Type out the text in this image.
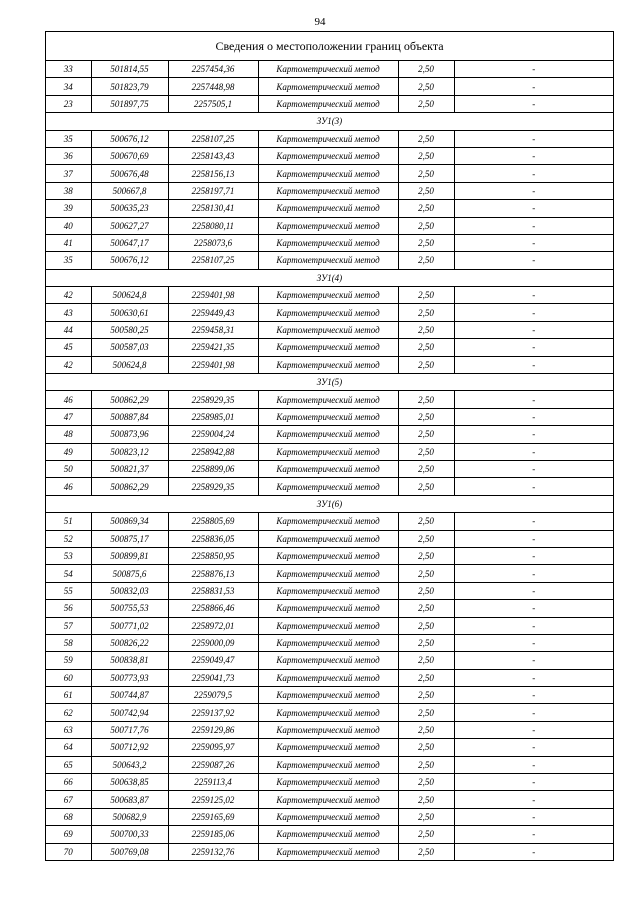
94
Сведения о местоположении границ объекта
33	501814,55	2257454,36	Картометрический метод	2,50	-
34	501823,79	2257448,98	Картометрический метод	2,50	-
23	501897,75	2257505,1	Картометрический метод	2,50	-
ЗУ1(3)					
35	500676,12	2258107,25	Картометрический метод	2,50	-
36	500670,69	2258143,43	Картометрический метод	2,50	-
37	500676,48	2258156,13	Картометрический метод	2,50	-
38	500667,8	2258197,71	Картометрический метод	2,50	-
39	500635,23	2258130,41	Картометрический метод	2,50	-
40	500627,27	2258080,11	Картометрический метод	2,50	-
41	500647,17	2258073,6	Картометрический метод	2,50	-
35	500676,12	2258107,25	Картометрический метод	2,50	-
ЗУ1(4)					
42	500624,8	2259401,98	Картометрический метод	2,50	-
43	500630,61	2259449,43	Картометрический метод	2,50	-
44	500580,25	2259458,31	Картометрический метод	2,50	-
45	500587,03	2259421,35	Картометрический метод	2,50	-
42	500624,8	2259401,98	Картометрический метод	2,50	-
ЗУ1(5)					
46	500862,29	2258929,35	Картометрический метод	2,50	-
47	500887,84	2258985,01	Картометрический метод	2,50	-
48	500873,96	2259004,24	Картометрический метод	2,50	-
49	500823,12	2258942,88	Картометрический метод	2,50	-
50	500821,37	2258899,06	Картометрический метод	2,50	-
46	500862,29	2258929,35	Картометрический метод	2,50	-
ЗУ1(6)					
51	500869,34	2258805,69	Картометрический метод	2,50	-
52	500875,17	2258836,05	Картометрический метод	2,50	-
53	500899,81	2258850,95	Картометрический метод	2,50	-
54	500875,6	2258876,13	Картометрический метод	2,50	-
55	500832,03	2258831,53	Картометрический метод	2,50	-
56	500755,53	2258866,46	Картометрический метод	2,50	-
57	500771,02	2258972,01	Картометрический метод	2,50	-
58	500826,22	2259000,09	Картометрический метод	2,50	-
59	500838,81	2259049,47	Картометрический метод	2,50	-
60	500773,93	2259041,73	Картометрический метод	2,50	-
61	500744,87	2259079,5	Картометрический метод	2,50	-
62	500742,94	2259137,92	Картометрический метод	2,50	-
63	500717,76	2259129,86	Картометрический метод	2,50	-
64	500712,92	2259095,97	Картометрический метод	2,50	-
65	500643,2	2259087,26	Картометрический метод	2,50	-
66	500638,85	2259113,4	Картометрический метод	2,50	-
67	500683,87	2259125,02	Картометрический метод	2,50	-
68	500682,9	2259165,69	Картометрический метод	2,50	-
69	500700,33	2259185,06	Картометрический метод	2,50	-
70	500769,08	2259132,76	Картометрический метод	2,50	-
